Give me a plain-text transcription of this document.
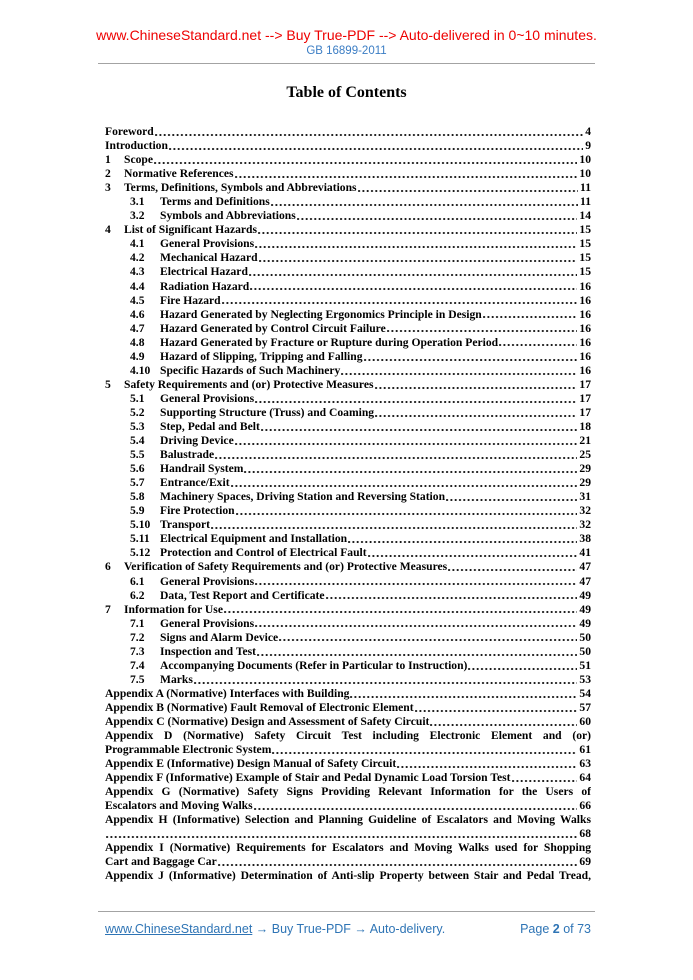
www.ChineseStandard.net --> Buy True-PDF --> Auto-delivered in 0~10 minutes.
GB 16899-2011
Table of Contents
Foreword	4
Introduction	9
1	Scope	10
2	Normative References	10
3	Terms, Definitions, Symbols and Abbreviations	11
3.1	Terms and Definitions	11
3.2	Symbols and Abbreviations	14
4	List of Significant Hazards	15
4.1	General Provisions	15
4.2	Mechanical Hazard	15
4.3	Electrical Hazard	15
4.4	Radiation Hazard	16
4.5	Fire Hazard	16
4.6	Hazard Generated by Neglecting Ergonomics Principle in Design	16
4.7	Hazard Generated by Control Circuit Failure	16
4.8	Hazard Generated by Fracture or Rupture during Operation Period	16
4.9	Hazard of Slipping, Tripping and Falling	16
4.10 Specific Hazards of Such Machinery	16
5	Safety Requirements and (or) Protective Measures	17
5.1	General Provisions	17
5.2	Supporting Structure (Truss) and Coaming	17
5.3	Step, Pedal and Belt	18
5.4	Driving Device	21
5.5	Balustrade	25
5.6	Handrail System	29
5.7	Entrance/Exit	29
5.8	Machinery Spaces, Driving Station and Reversing Station	31
5.9	Fire Protection	32
5.10 Transport	32
5.11 Electrical Equipment and Installation	38
5.12 Protection and Control of Electrical Fault	41
6	Verification of Safety Requirements and (or) Protective Measures	47
6.1	General Provisions	47
6.2	Data, Test Report and Certificate	49
7	Information for Use	49
7.1	General Provisions	49
7.2	Signs and Alarm Device	50
7.3	Inspection and Test	50
7.4	Accompanying Documents (Refer in Particular to Instruction)	51
7.5	Marks	53
Appendix A (Normative) Interfaces with Building	54
Appendix B (Normative) Fault Removal of Electronic Element	57
Appendix C (Normative) Design and Assessment of Safety Circuit	60
Appendix D (Normative) Safety Circuit Test including Electronic Element and (or)
Programmable Electronic System	61
Appendix E (Informative) Design Manual of Safety Circuit	63
Appendix F (Informative) Example of Stair and Pedal Dynamic Load Torsion Test	64
Appendix G (Normative) Safety Signs Providing Relevant Information for the Users of
Escalators and Moving Walks	66
Appendix H (Informative) Selection and Planning Guideline of Escalators and Moving Walks
68
Appendix I (Normative) Requirements for Escalators and Moving Walks used for Shopping
Cart and Baggage Car	69
Appendix J (Informative) Determination of Anti-slip Property between Stair and Pedal Tread,
www.ChineseStandard.net → Buy True-PDF → Auto-delivery.	Page 2 of 73
